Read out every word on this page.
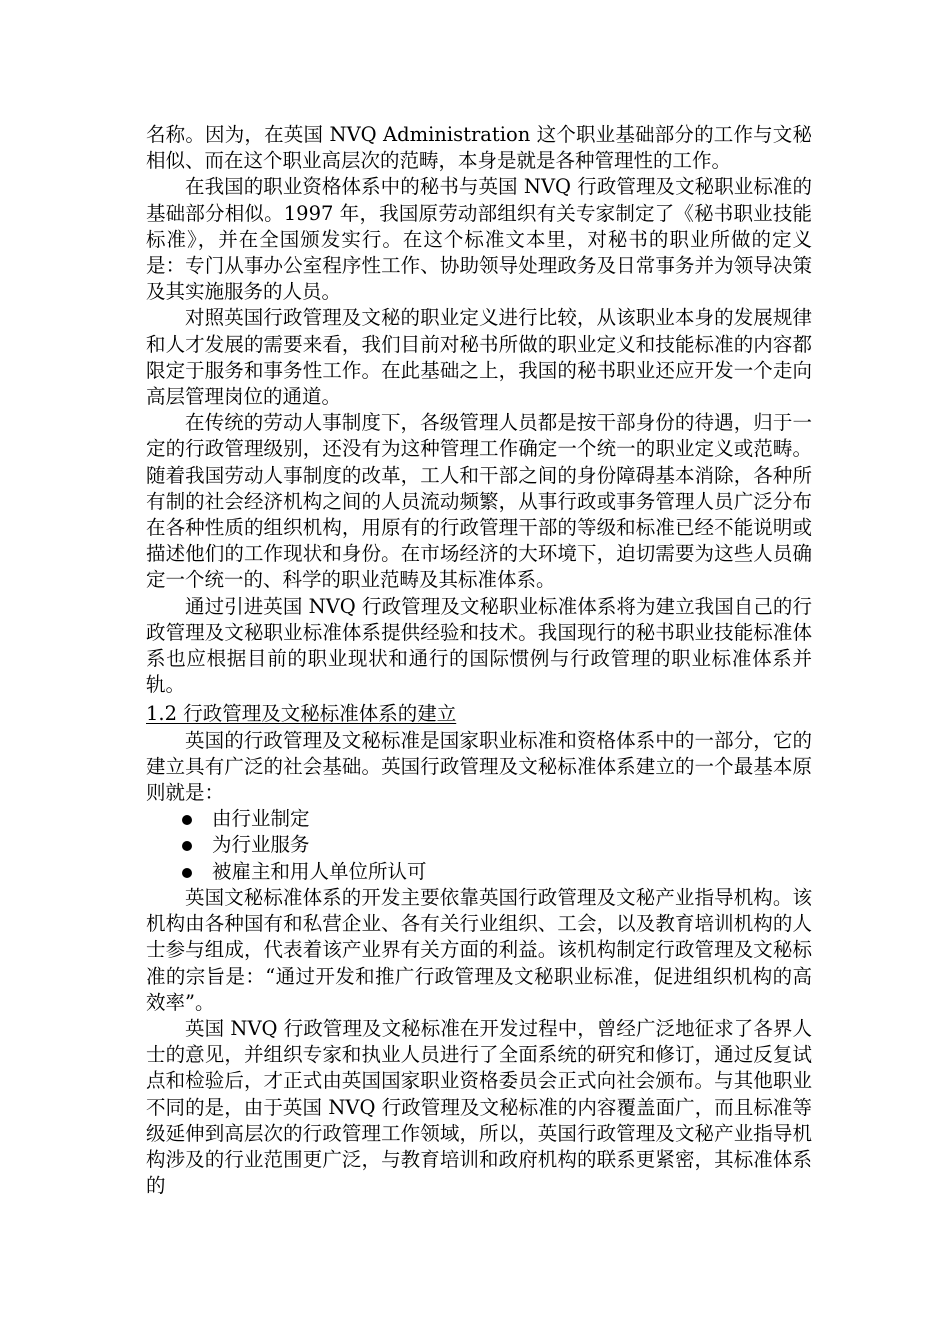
名称。因为，在英国 NVQ Administration 这个职业基础部分的工作与文秘相似、而在这个职业高层次的范畴，本身是就是各种管理性的工作。

在我国的职业资格体系中的秘书与英国 NVQ 行政管理及文秘职业标准的基础部分相似。1997 年，我国原劳动部组织有关专家制定了《秘书职业技能标准》，并在全国颁发实行。在这个标准文本里，对秘书的职业所做的定义是：专门从事办公室程序性工作、协助领导处理政务及日常事务并为领导决策及其实施服务的人员。

对照英国行政管理及文秘的职业定义进行比较，从该职业本身的发展规律和人才发展的需要来看，我们目前对秘书所做的职业定义和技能标准的内容都限定于服务和事务性工作。在此基础之上，我国的秘书职业还应开发一个走向高层管理岗位的通道。

在传统的劳动人事制度下，各级管理人员都是按干部身份的待遇，归于一定的行政管理级别，还没有为这种管理工作确定一个统一的职业定义或范畴。随着我国劳动人事制度的改革，工人和干部之间的身份障碍基本消除，各种所有制的社会经济机构之间的人员流动频繁，从事行政或事务管理人员广泛分布在各种性质的组织机构，用原有的行政管理干部的等级和标准已经不能说明或描述他们的工作现状和身份。在市场经济的大环境下，迫切需要为这些人员确定一个统一的、科学的职业范畴及其标准体系。

通过引进英国 NVQ 行政管理及文秘职业标准体系将为建立我国自己的行政管理及文秘职业标准体系提供经验和技术。我国现行的秘书职业技能标准体系也应根据目前的职业现状和通行的国际惯例与行政管理的职业标准体系并轨。

1.2 行政管理及文秘标准体系的建立

英国的行政管理及文秘标准是国家职业标准和资格体系中的一部分，它的建立具有广泛的社会基础。英国行政管理及文秘标准体系建立的一个最基本原则就是：

由行业制定
为行业服务
被雇主和用人单位所认可

英国文秘标准体系的开发主要依靠英国行政管理及文秘产业指导机构。该机构由各种国有和私营企业、各有关行业组织、工会，以及教育培训机构的人士参与组成，代表着该产业界有关方面的利益。该机构制定行政管理及文秘标准的宗旨是：“通过开发和推广行政管理及文秘职业标准，促进组织机构的高效率”。

英国 NVQ 行政管理及文秘标准在开发过程中，曾经广泛地征求了各界人士的意见，并组织专家和执业人员进行了全面系统的研究和修订，通过反复试点和检验后，才正式由英国国家职业资格委员会正式向社会颁布。与其他职业不同的是，由于英国 NVQ 行政管理及文秘标准的内容覆盖面广，而且标准等级延伸到高层次的行政管理工作领域，所以，英国行政管理及文秘产业指导机构涉及的行业范围更广泛，与教育培训和政府机构的联系更紧密，其标准体系的
